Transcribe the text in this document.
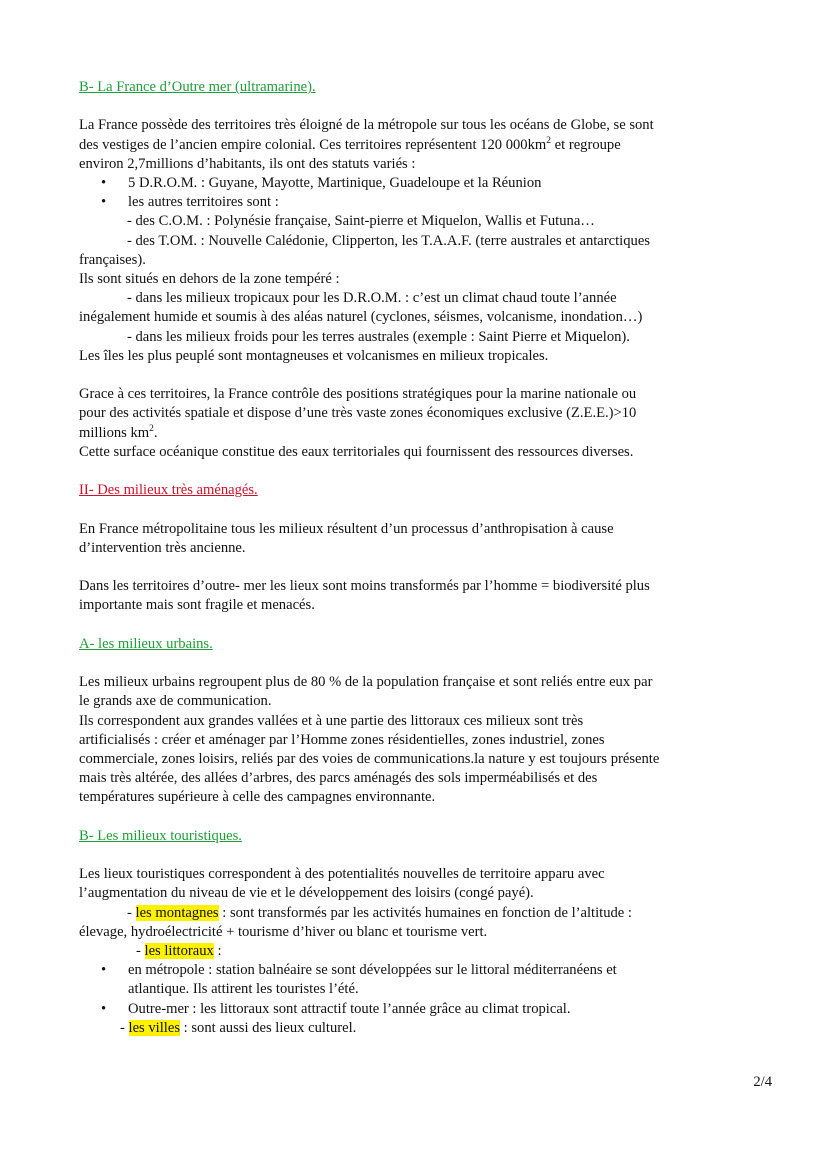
B- La France d’Outre mer (ultramarine).
La France possède des territoires très éloigné de la métropole sur tous les océans de Globe, se sont
des vestiges de l’ancien empire colonial. Ces territoires représentent 120 $000km^2$ et regroupe
environ 2,7millions d’habitants, ils ont des statuts variés :
• 5 D.R.O.M. : Guyane, Mayotte, Martinique, Guadeloupe et la Réunion
• les autres territoires sont :
- des C.O.M. : Polynésie française, Saint-pierre et Miquelon, Wallis et Futuna…
- des T.OM. : Nouvelle Calédonie, Clipperton, les T.A.A.F. (terre australes et antarctiques
françaises).
Ils sont situés en dehors de la zone tempéré :
- dans les milieux tropicaux pour les D.R.O.M. : c’est un climat chaud toute l’année
inégalement humide et soumis à des aléas naturel (cyclones, séismes, volcanisme, inondation…)
- dans les milieux froids pour les terres australes (exemple : Saint Pierre et Miquelon).
Les îles les plus peuplé sont montagneuses et volcanismes en milieux tropicales.
Grace à ces territoires, la France contrôle des positions stratégiques pour la marine nationale ou
pour des activités spatiale et dispose d’une très vaste zones économiques exclusive (Z.E.E.)>10
millions $km^2$.
Cette surface océanique constitue des eaux territoriales qui fournissent des ressources diverses.
II- Des milieux très aménagés.
En France métropolitaine tous les milieux résultent d’un processus d’anthropisation à cause
d’intervention très ancienne.
Dans les territoires d’outre- mer les lieux sont moins transformés par l’homme = biodiversité plus
importante mais sont fragile et menacés.
A- les milieux urbains.
Les milieux urbains regroupent plus de 80 % de la population française et sont reliés entre eux par
le grands axe de communication.
Ils correspondent aux grandes vallées et à une partie des littoraux ces milieux sont très
artificialisés : créer et aménager par l’Homme zones résidentielles, zones industriel, zones
commerciale, zones loisirs, reliés par des voies de communications.la nature y est toujours présente
mais très altérée, des allées d’arbres, des parcs aménagés des sols imperméabilisés et des
températures supérieure à celle des campagnes environnante.
B- Les milieux touristiques.
Les lieux touristiques correspondent à des potentialités nouvelles de territoire apparu avec
l’augmentation du niveau de vie et le développement des loisirs (congé payé).
- les montagnes : sont transformés par les activités humaines en fonction de l’altitude :
élevage, hydroélectricité + tourisme d’hiver ou blanc et tourisme vert.
- les littoraux :
• en métropole : station balnéaire se sont développées sur le littoral méditerranéens et
atlantique. Ils attirent les touristes l’été.
• Outre-mer : les littoraux sont attractif toute l’année grâce au climat tropical.
- les villes : sont aussi des lieux culturel.
2/4
